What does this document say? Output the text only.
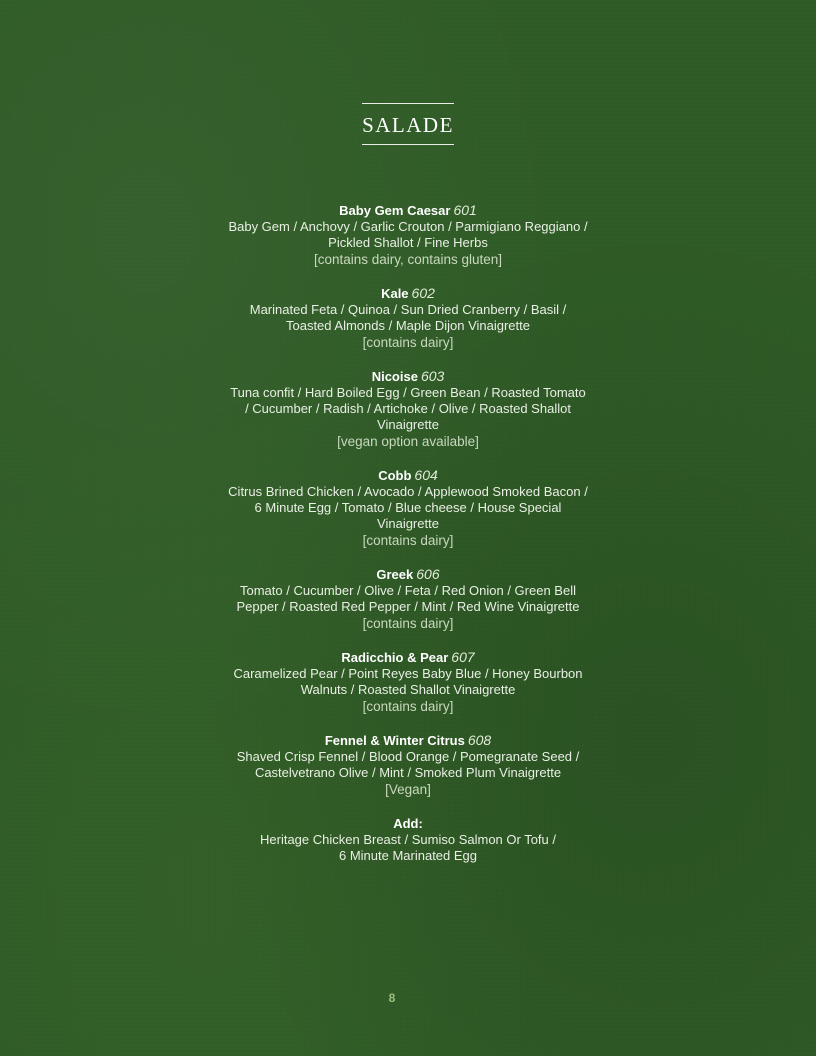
SALADE
Baby Gem Caesar 601
Baby Gem / Anchovy / Garlic Crouton / Parmigiano Reggiano / Pickled Shallot / Fine Herbs
[contains dairy, contains gluten]
Kale 602
Marinated Feta / Quinoa / Sun Dried Cranberry / Basil / Toasted Almonds / Maple Dijon Vinaigrette
[contains dairy]
Nicoise 603
Tuna confit / Hard Boiled Egg / Green Bean / Roasted Tomato / Cucumber / Radish / Artichoke / Olive / Roasted Shallot Vinaigrette
[vegan option available]
Cobb 604
Citrus Brined Chicken / Avocado / Applewood Smoked Bacon / 6 Minute Egg / Tomato / Blue cheese / House Special Vinaigrette
[contains dairy]
Greek 606
Tomato / Cucumber / Olive / Feta / Red Onion / Green Bell Pepper / Roasted Red Pepper / Mint / Red Wine Vinaigrette
[contains dairy]
Radicchio & Pear 607
Caramelized Pear / Point Reyes Baby Blue / Honey Bourbon Walnuts / Roasted Shallot Vinaigrette
[contains dairy]
Fennel & Winter Citrus 608
Shaved Crisp Fennel / Blood Orange / Pomegranate Seed / Castelvetrano Olive / Mint / Smoked Plum Vinaigrette
[Vegan]
Add:
Heritage Chicken Breast / Sumiso Salmon Or Tofu /
6 Minute Marinated Egg
8
